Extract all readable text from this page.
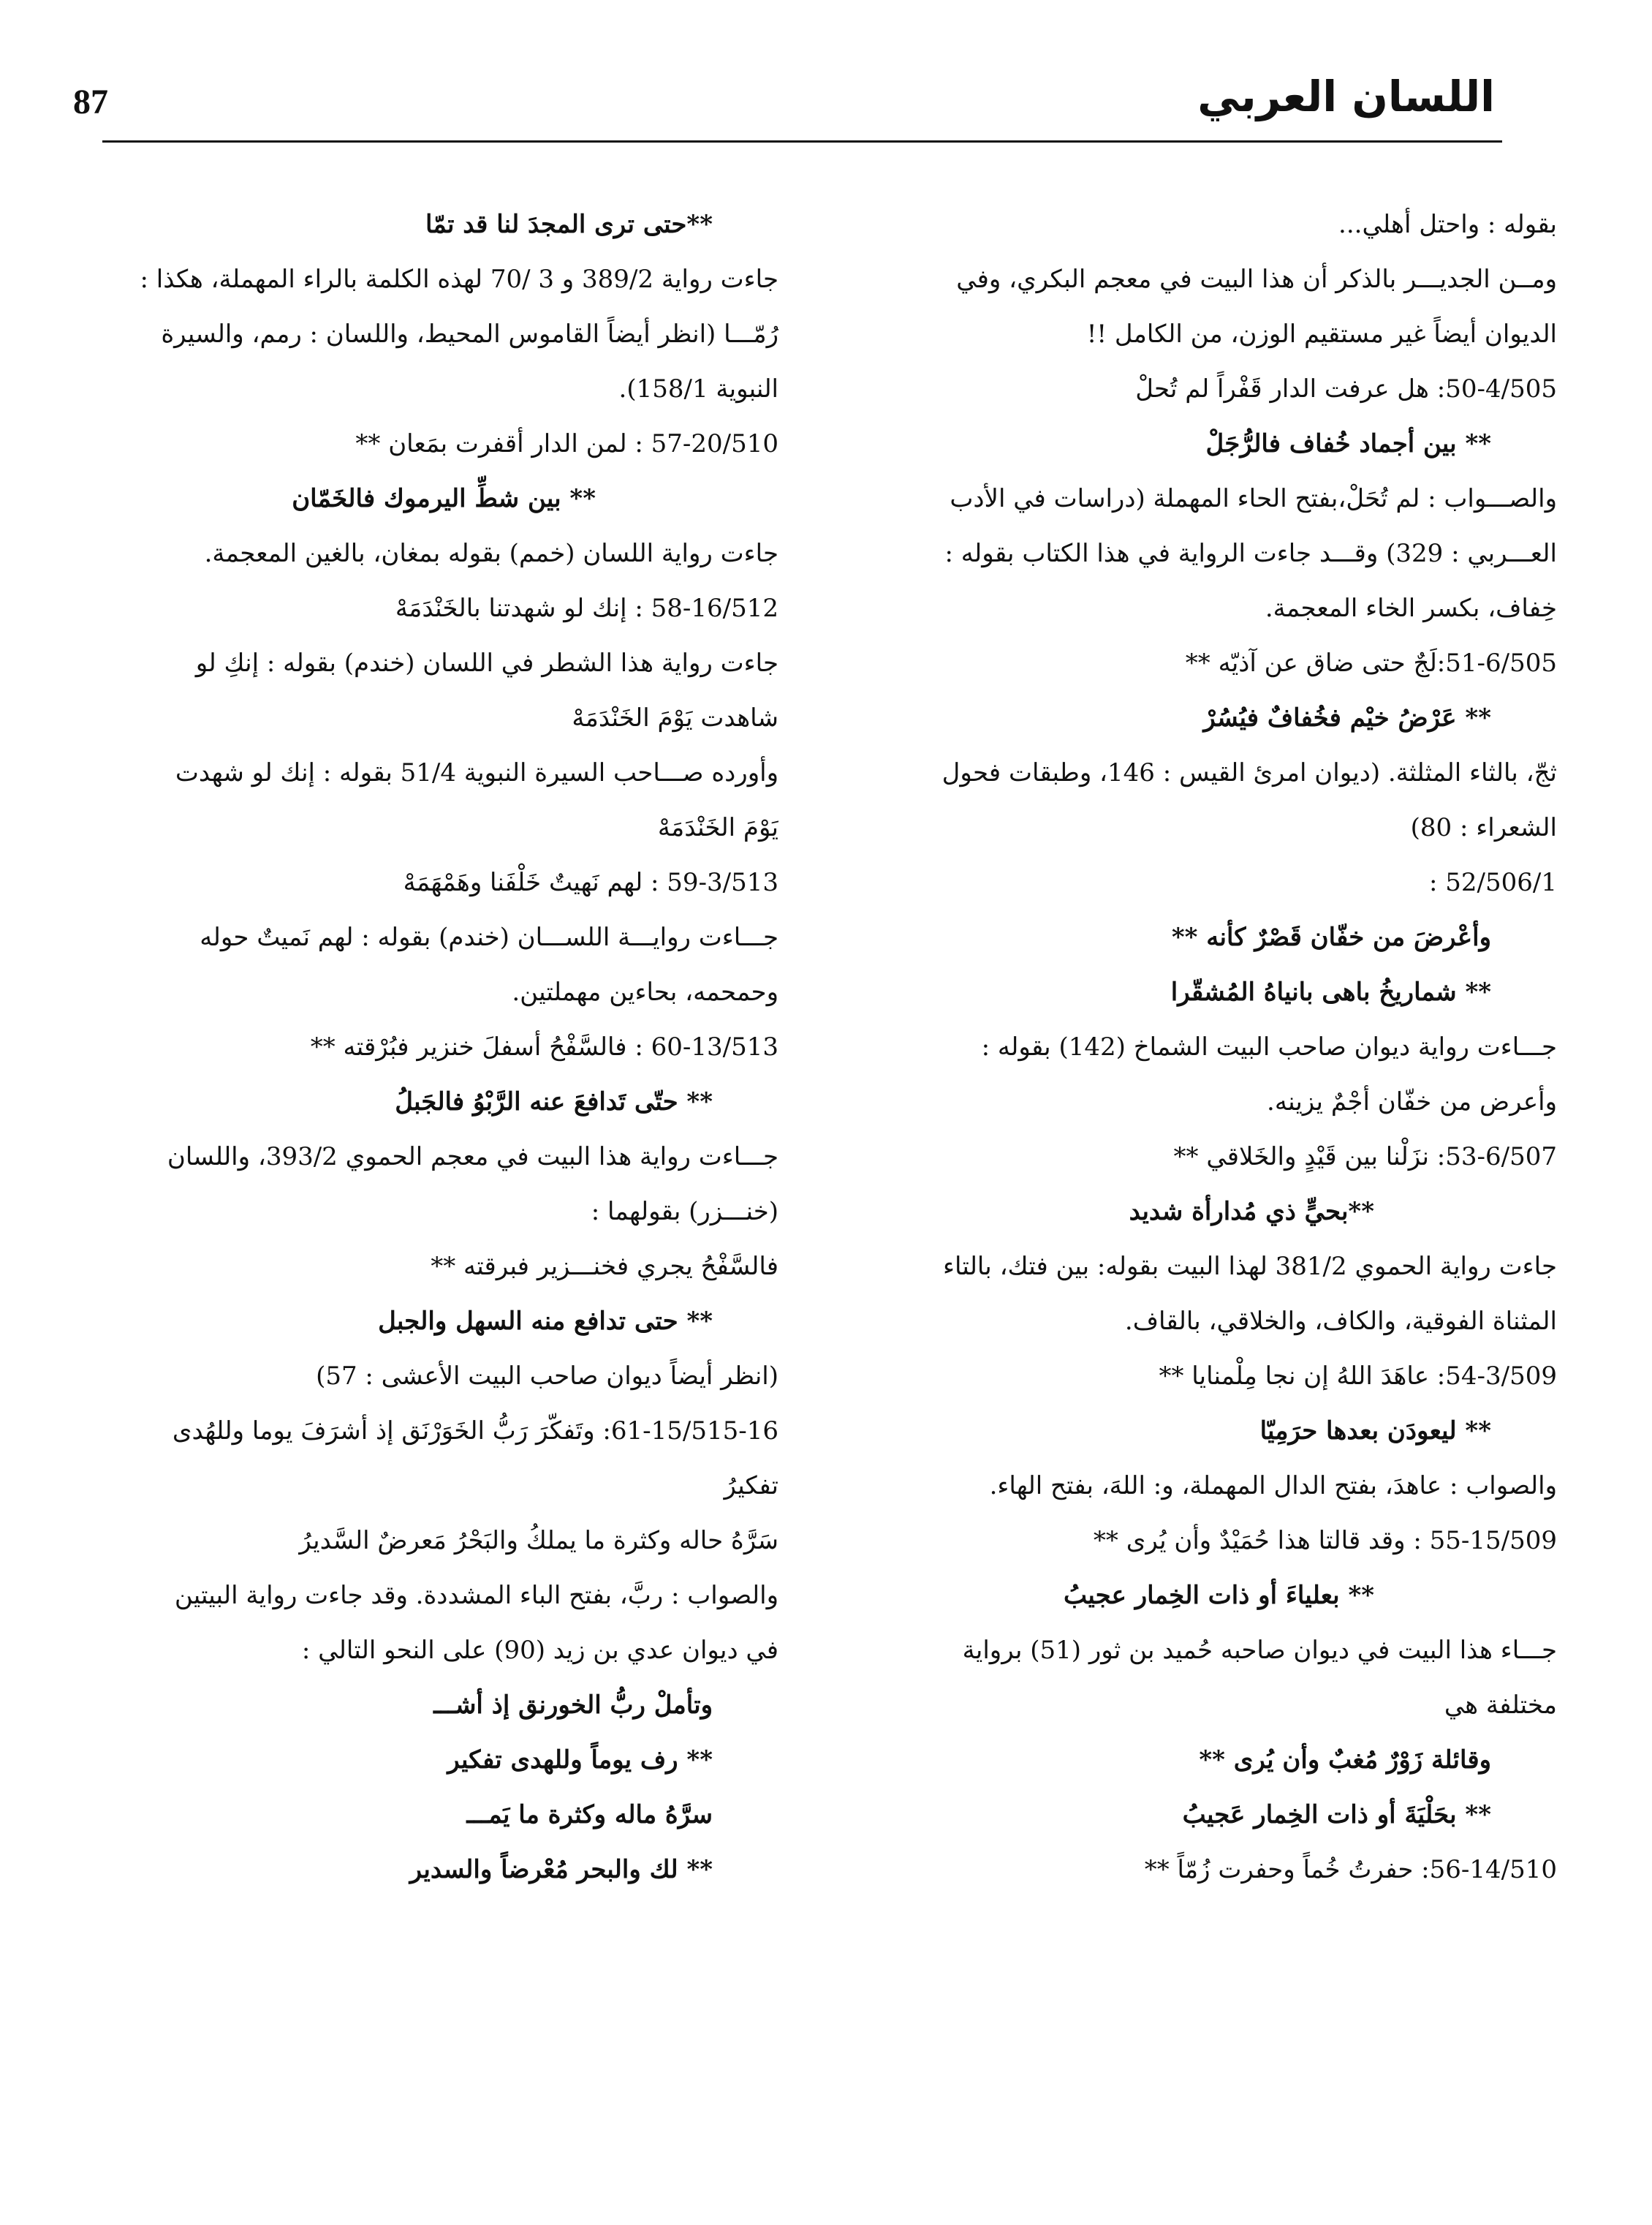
87	اللسان العربي
بقوله : واحتل أهلي...
ومــن الجديـــر بالذكر أن هذا البيت في معجم البكري، وفي
الديوان أيضاً غير مستقيم الوزن، من الكامل !!
50-4/505: هل عرفت الدار قَفْراً لم تُحلْ
** بين أجماد خُفاف فالرُّجَلْ
والصـــواب : لم تُحَلْ،بفتح الحاء المهملة (دراسات في الأدب
العـــربي : 329) وقـــد جاءت الرواية في هذا الكتاب بقوله :
خِفاف، بكسر الخاء المعجمة.
51-6/505:لَجٌ حتى ضاق عن آذيّه **
** عَرْضُ خيْم فخُفافٌ فيُسُرْ
ثجّ، بالثاء المثلثة. (ديوان امرئ القيس : 146، وطبقات فحول
الشعراء : 80)
52/506/1 :
وأعْرضَ من خفّان قَصْرٌ كأنه **
** شماريخُ باهى بانياهُ المُشقّرا
جـــاءت رواية ديوان صاحب البيت الشماخ (142) بقوله :
وأعرض من خفّان أجْمٌ يزينه.
53-6/507: نزَلْنا بين قَيْدٍ والخَلاقي **
**بحيٍّ ذي مُدارأة شديد
جاءت رواية الحموي 381/2 لهذا البيت بقوله: بين فتك، بالتاء
المثناة الفوقية، والكاف، والخلاقي، بالقاف.
54-3/509: عاهَدَ اللهُ إن نجا مِلْمنايا **
** ليعودَن بعدها حرَمِيّا
والصواب : عاهدَ، بفتح الدال المهملة، و: اللهَ، بفتح الهاء.
55-15/509 : وقد قالتا هذا حُمَيْدٌ وأن يُرى **
** بعلياءَ أو ذات الخِمار عجيبُ
جـــاء هذا البيت في ديوان صاحبه حُميد بن ثور (51) برواية
مختلفة هي
وقائلة زَوْرٌ مُغبٌ وأن يُرى **
** بحَلْيَةَ أو ذات الخِمار عَجيبُ
56-14/510: حفرتُ خُماً وحفرت زُمّاً **
**حتى ترى المجدَ لنا قد تمّا
جاءت رواية 389/2 و 3 /70 لهذه الكلمة بالراء المهملة، هكذا :
رُمّـــا (انظر أيضاً القاموس المحيط، واللسان : رمم، والسيرة
النبوية 158/1).
57-20/510 : لمن الدار أقفرت بمَعان **
** بين شطِّ اليرموك فالخَمّان
جاءت رواية اللسان (خمم) بقوله بمغان، بالغين المعجمة.
58-16/512 : إنك لو شهدتنا بالخَنْدَمَهْ
جاءت رواية هذا الشطر في اللسان (خندم) بقوله : إنكِ لو
شاهدت يَوْمَ الخَنْدَمَهْ
وأورده صـــاحب السيرة النبوية 51/4 بقوله : إنك لو شهدت
يَوْمَ الخَنْدَمَهْ
59-3/513 : لهم نَهيتٌ خَلْفَنا وهَمْهَمَهْ
جـــاءت روايـــة اللســـان (خندم) بقوله : لهم نَميتٌ حوله
وحمحمه، بحاءين مهملتين.
60-13/513 : فالسَّفْحُ أسفلَ خنزير فبُرْقته **
** حتّى تَدافعَ عنه الرَّبْوُ فالجَبلُ
جـــاءت رواية هذا البيت في معجم الحموي 393/2، واللسان
(خنـــزر) بقولهما :
فالسَّفْحُ يجري فخنـــزير فبرقته **
** حتى تدافع منه السهل والجبل
(انظر أيضاً ديوان صاحب البيت الأعشى : 57)
61-15/515-16: وتَفكّرَ رَبُّ الخَوَرْنَق إذ أشرَفَ يوما وللهُدى
تفكيرُ
سَرَّهُ حاله وكثرة ما يملكُ والبَحْرُ مَعرضٌ السَّديرُ
والصواب : ربَّ، بفتح الباء المشددة. وقد جاءت رواية البيتين
في ديوان عدي بن زيد (90) على النحو التالي :
وتأملْ ربُّ الخورنق إذ أشـــ
** رف يوماً وللهدى تفكير
سرَّهُ ماله وكثرة ما يَمـــ
** لك والبحر مُعْرضاً والسدير
